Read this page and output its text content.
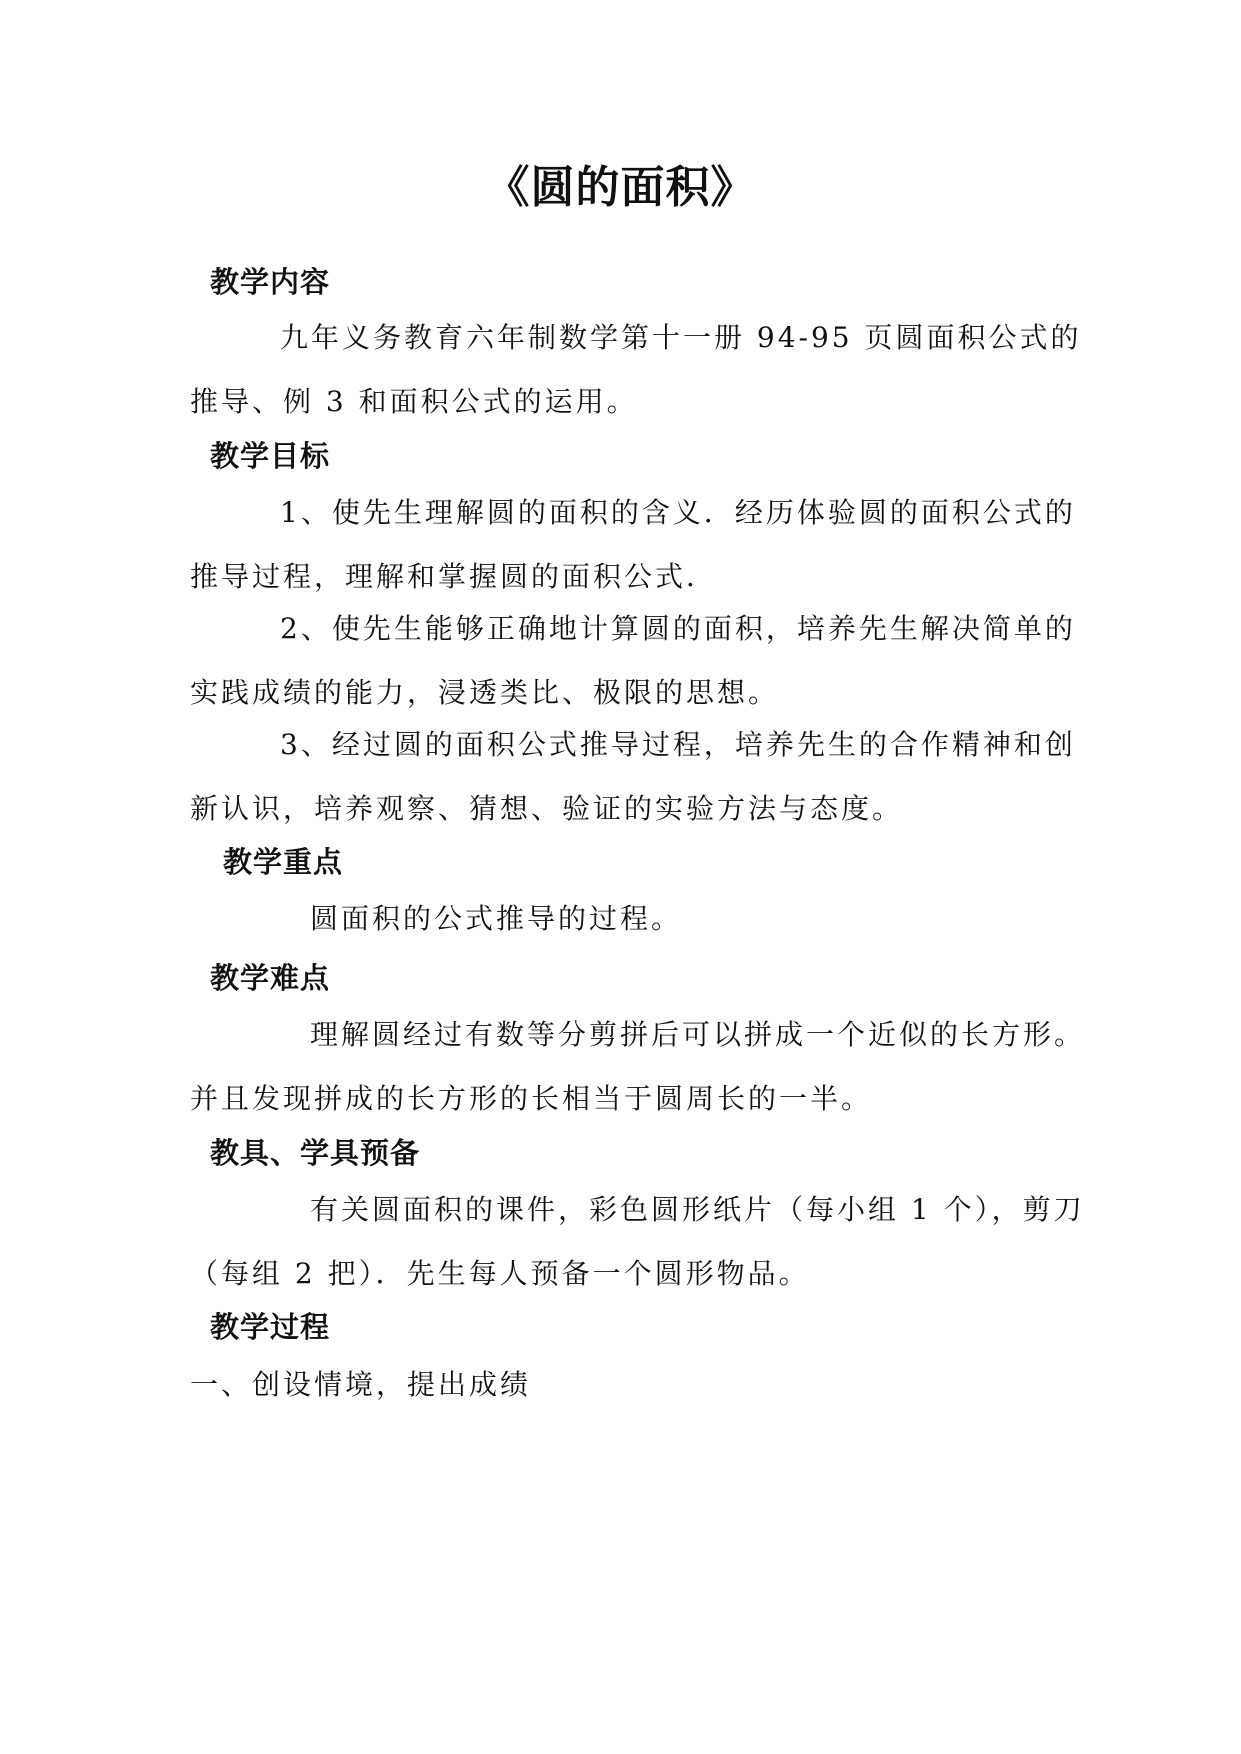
《圆的面积》
教学内容
九年义务教育六年制数学第十一册 94-95 页圆面积公式的
推导、例 3 和面积公式的运用。
教学目标
1、使先生理解圆的面积的含义．经历体验圆的面积公式的
推导过程，理解和掌握圆的面积公式．
2、使先生能够正确地计算圆的面积，培养先生解决简单的
实践成绩的能力，浸透类比、极限的思想。
3、经过圆的面积公式推导过程，培养先生的合作精神和创
新认识，培养观察、猜想、验证的实验方法与态度。
教学重点
圆面积的公式推导的过程。
教学难点
理解圆经过有数等分剪拼后可以拼成一个近似的长方形。
并且发现拼成的长方形的长相当于圆周长的一半。
教具、学具预备
有关圆面积的课件，彩色圆形纸片（每小组 1 个），剪刀
（每组 2 把）．先生每人预备一个圆形物品。
教学过程
一、创设情境，提出成绩
